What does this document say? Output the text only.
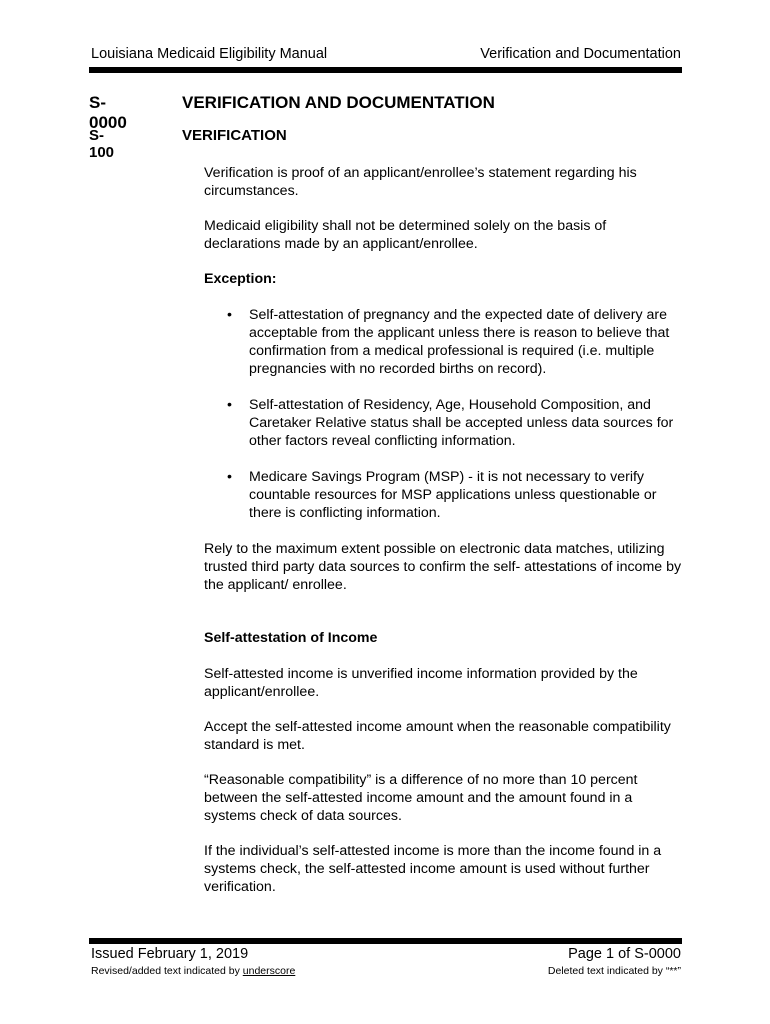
Louisiana Medicaid Eligibility Manual	Verification and Documentation
S-0000
VERIFICATION AND DOCUMENTATION
S-100
VERIFICATION

Verification is proof of an applicant/enrollee’s statement regarding his circumstances.

Medicaid eligibility shall not be determined solely on the basis of declarations made by an applicant/enrollee.

Exception:

• Self-attestation of pregnancy and the expected date of delivery are acceptable from the applicant unless there is reason to believe that confirmation from a medical professional is required (i.e. multiple pregnancies with no recorded births on record).
• Self-attestation of Residency, Age, Household Composition, and Caretaker Relative status shall be accepted unless data sources for other factors reveal conflicting information.
• Medicare Savings Program (MSP) - it is not necessary to verify countable resources for MSP applications unless questionable or there is conflicting information.

Rely to the maximum extent possible on electronic data matches, utilizing trusted third party data sources to confirm the self- attestations of income by the applicant/ enrollee.

Self-attestation of Income

Self-attested income is unverified income information provided by the applicant/enrollee.

Accept the self-attested income amount when the reasonable compatibility standard is met.

“Reasonable compatibility” is a difference of no more than 10 percent between the self-attested income amount and the amount found in a systems check of data sources.

If the individual’s self-attested income is more than the income found in a systems check, the self-attested income amount is used without further verification.

Issued February 1, 2019	Page 1 of S-0000
Revised/added text indicated by underscore	Deleted text indicated by “**”
